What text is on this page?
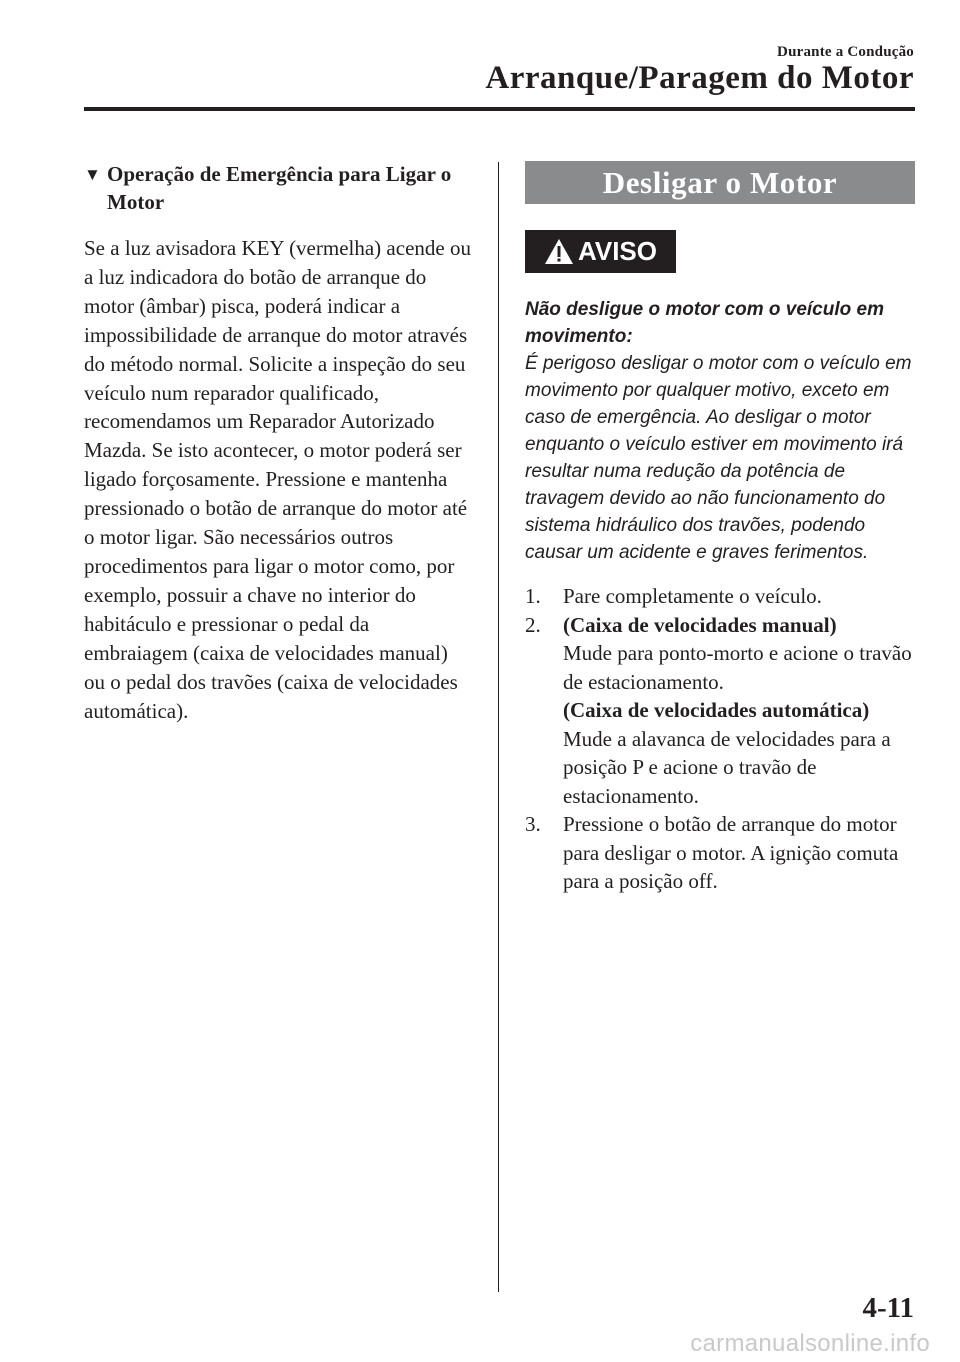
Durante a Condução
Arranque/Paragem do Motor
▼ Operação de Emergência para Ligar o Motor
Se a luz avisadora KEY (vermelha) acende ou a luz indicadora do botão de arranque do motor (âmbar) pisca, poderá indicar a impossibilidade de arranque do motor através do método normal. Solicite a inspeção do seu veículo num reparador qualificado, recomendamos um Reparador Autorizado Mazda. Se isto acontecer, o motor poderá ser ligado forçosamente. Pressione e mantenha pressionado o botão de arranque do motor até o motor ligar. São necessários outros procedimentos para ligar o motor como, por exemplo, possuir a chave no interior do habitáculo e pressionar o pedal da embraiagem (caixa de velocidades manual) ou o pedal dos travões (caixa de velocidades automática).
Desligar o Motor
AVISO
Não desligue o motor com o veículo em movimento:
É perigoso desligar o motor com o veículo em movimento por qualquer motivo, exceto em caso de emergência. Ao desligar o motor enquanto o veículo estiver em movimento irá resultar numa redução da potência de travagem devido ao não funcionamento do sistema hidráulico dos travões, podendo causar um acidente e graves ferimentos.
1.	Pare completamente o veículo.
2.	(Caixa de velocidades manual)
Mude para ponto-morto e acione o travão de estacionamento.
(Caixa de velocidades automática)
Mude a alavanca de velocidades para a posição P e acione o travão de estacionamento.
3.	Pressione o botão de arranque do motor para desligar o motor. A ignição comuta para a posição off.
4-11
carmanualsonline.info
